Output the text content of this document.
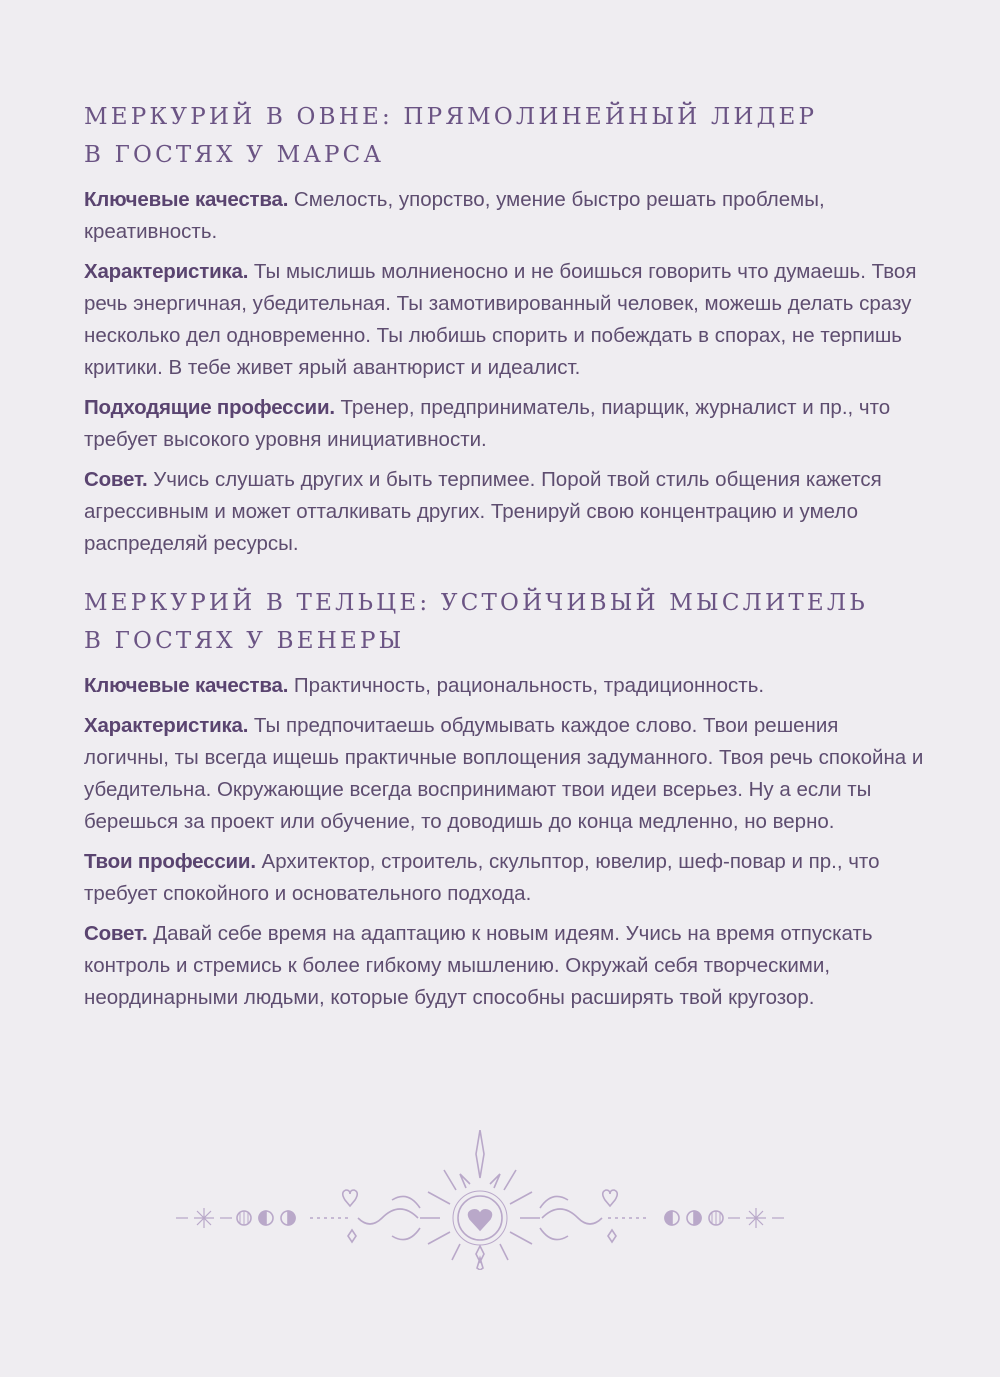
МЕРКУРИЙ В ОВНЕ: ПРЯМОЛИНЕЙНЫЙ ЛИДЕР
В ГОСТЯХ У МАРСА

Ключевые качества. Смелость, упорство, умение быстро решать проблемы, креативность.

Характеристика. Ты мыслишь молниеносно и не боишься говорить что думаешь. Твоя речь энергичная, убедительная. Ты замотивированный человек, можешь делать сразу несколько дел одновременно. Ты любишь спорить и побеждать в спорах, не терпишь критики. В тебе живет ярый авантюрист и идеалист.

Подходящие профессии. Тренер, предприниматель, пиарщик, журналист и пр., что требует высокого уровня инициативности.

Совет. Учись слушать других и быть терпимее. Порой твой стиль общения кажется агрессивным и может отталкивать других. Тренируй свою концентрацию и умело распределяй ресурсы.

МЕРКУРИЙ В ТЕЛЬЦЕ: УСТОЙЧИВЫЙ МЫСЛИТЕЛЬ
В ГОСТЯХ У ВЕНЕРЫ

Ключевые качества. Практичность, рациональность, традиционность.

Характеристика. Ты предпочитаешь обдумывать каждое слово. Твои решения логичны, ты всегда ищешь практичные воплощения задуманного. Твоя речь спокойна и убедительна. Окружающие всегда воспринимают твои идеи всерьез. Ну а если ты берешься за проект или обучение, то доводишь до конца медленно, но верно.

Твои профессии. Архитектор, строитель, скульптор, ювелир, шеф-повар и пр., что требует спокойного и основательного подхода.

Совет. Давай себе время на адаптацию к новым идеям. Учись на время отпускать контроль и стремись к более гибкому мышлению. Окружай себя творческими, неординарными людьми, которые будут способны расширять твой кругозор.
